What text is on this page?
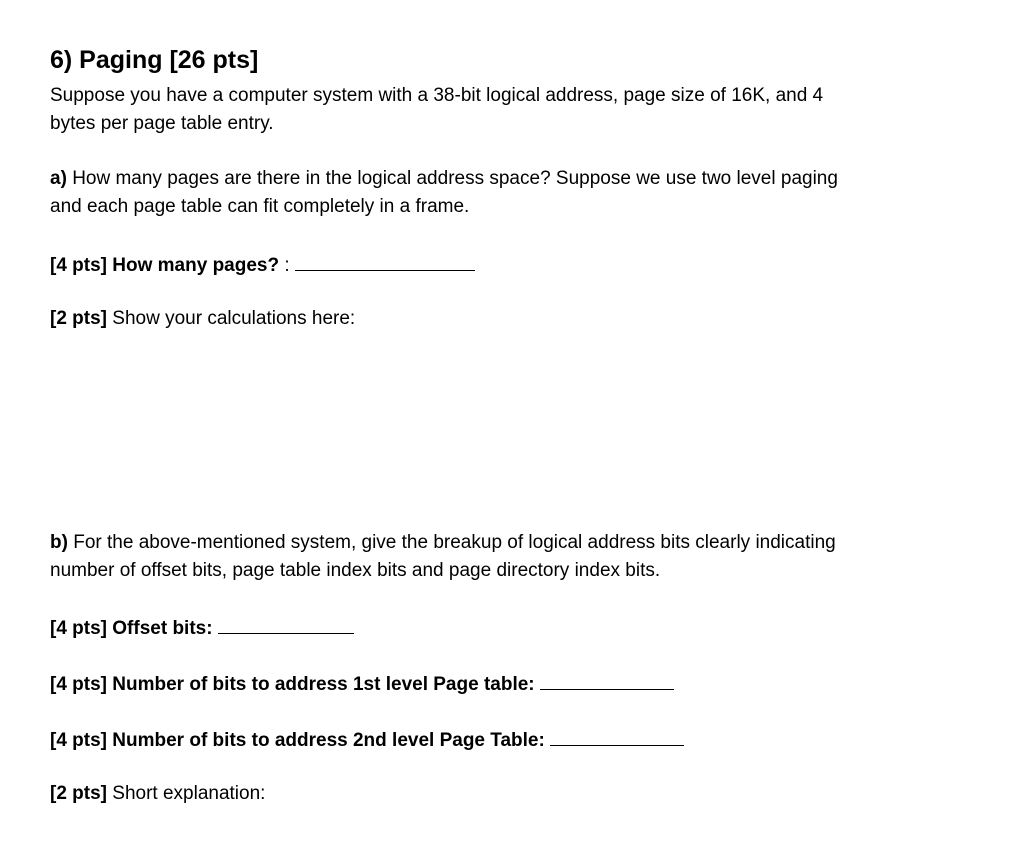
6) Paging [26 pts]
Suppose you have a computer system with a 38-bit logical address, page size of 16K, and 4
bytes per page table entry.
a) How many pages are there in the logical address space? Suppose we use two level paging
and each page table can fit completely in a frame.
[4 pts] How many pages? :
[2 pts] Show your calculations here:
b) For the above-mentioned system, give the breakup of logical address bits clearly indicating
number of offset bits, page table index bits and page directory index bits.
[4 pts] Offset bits:
[4 pts] Number of bits to address 1st level Page table:
[4 pts] Number of bits to address 2nd level Page Table:
[2 pts] Short explanation:
